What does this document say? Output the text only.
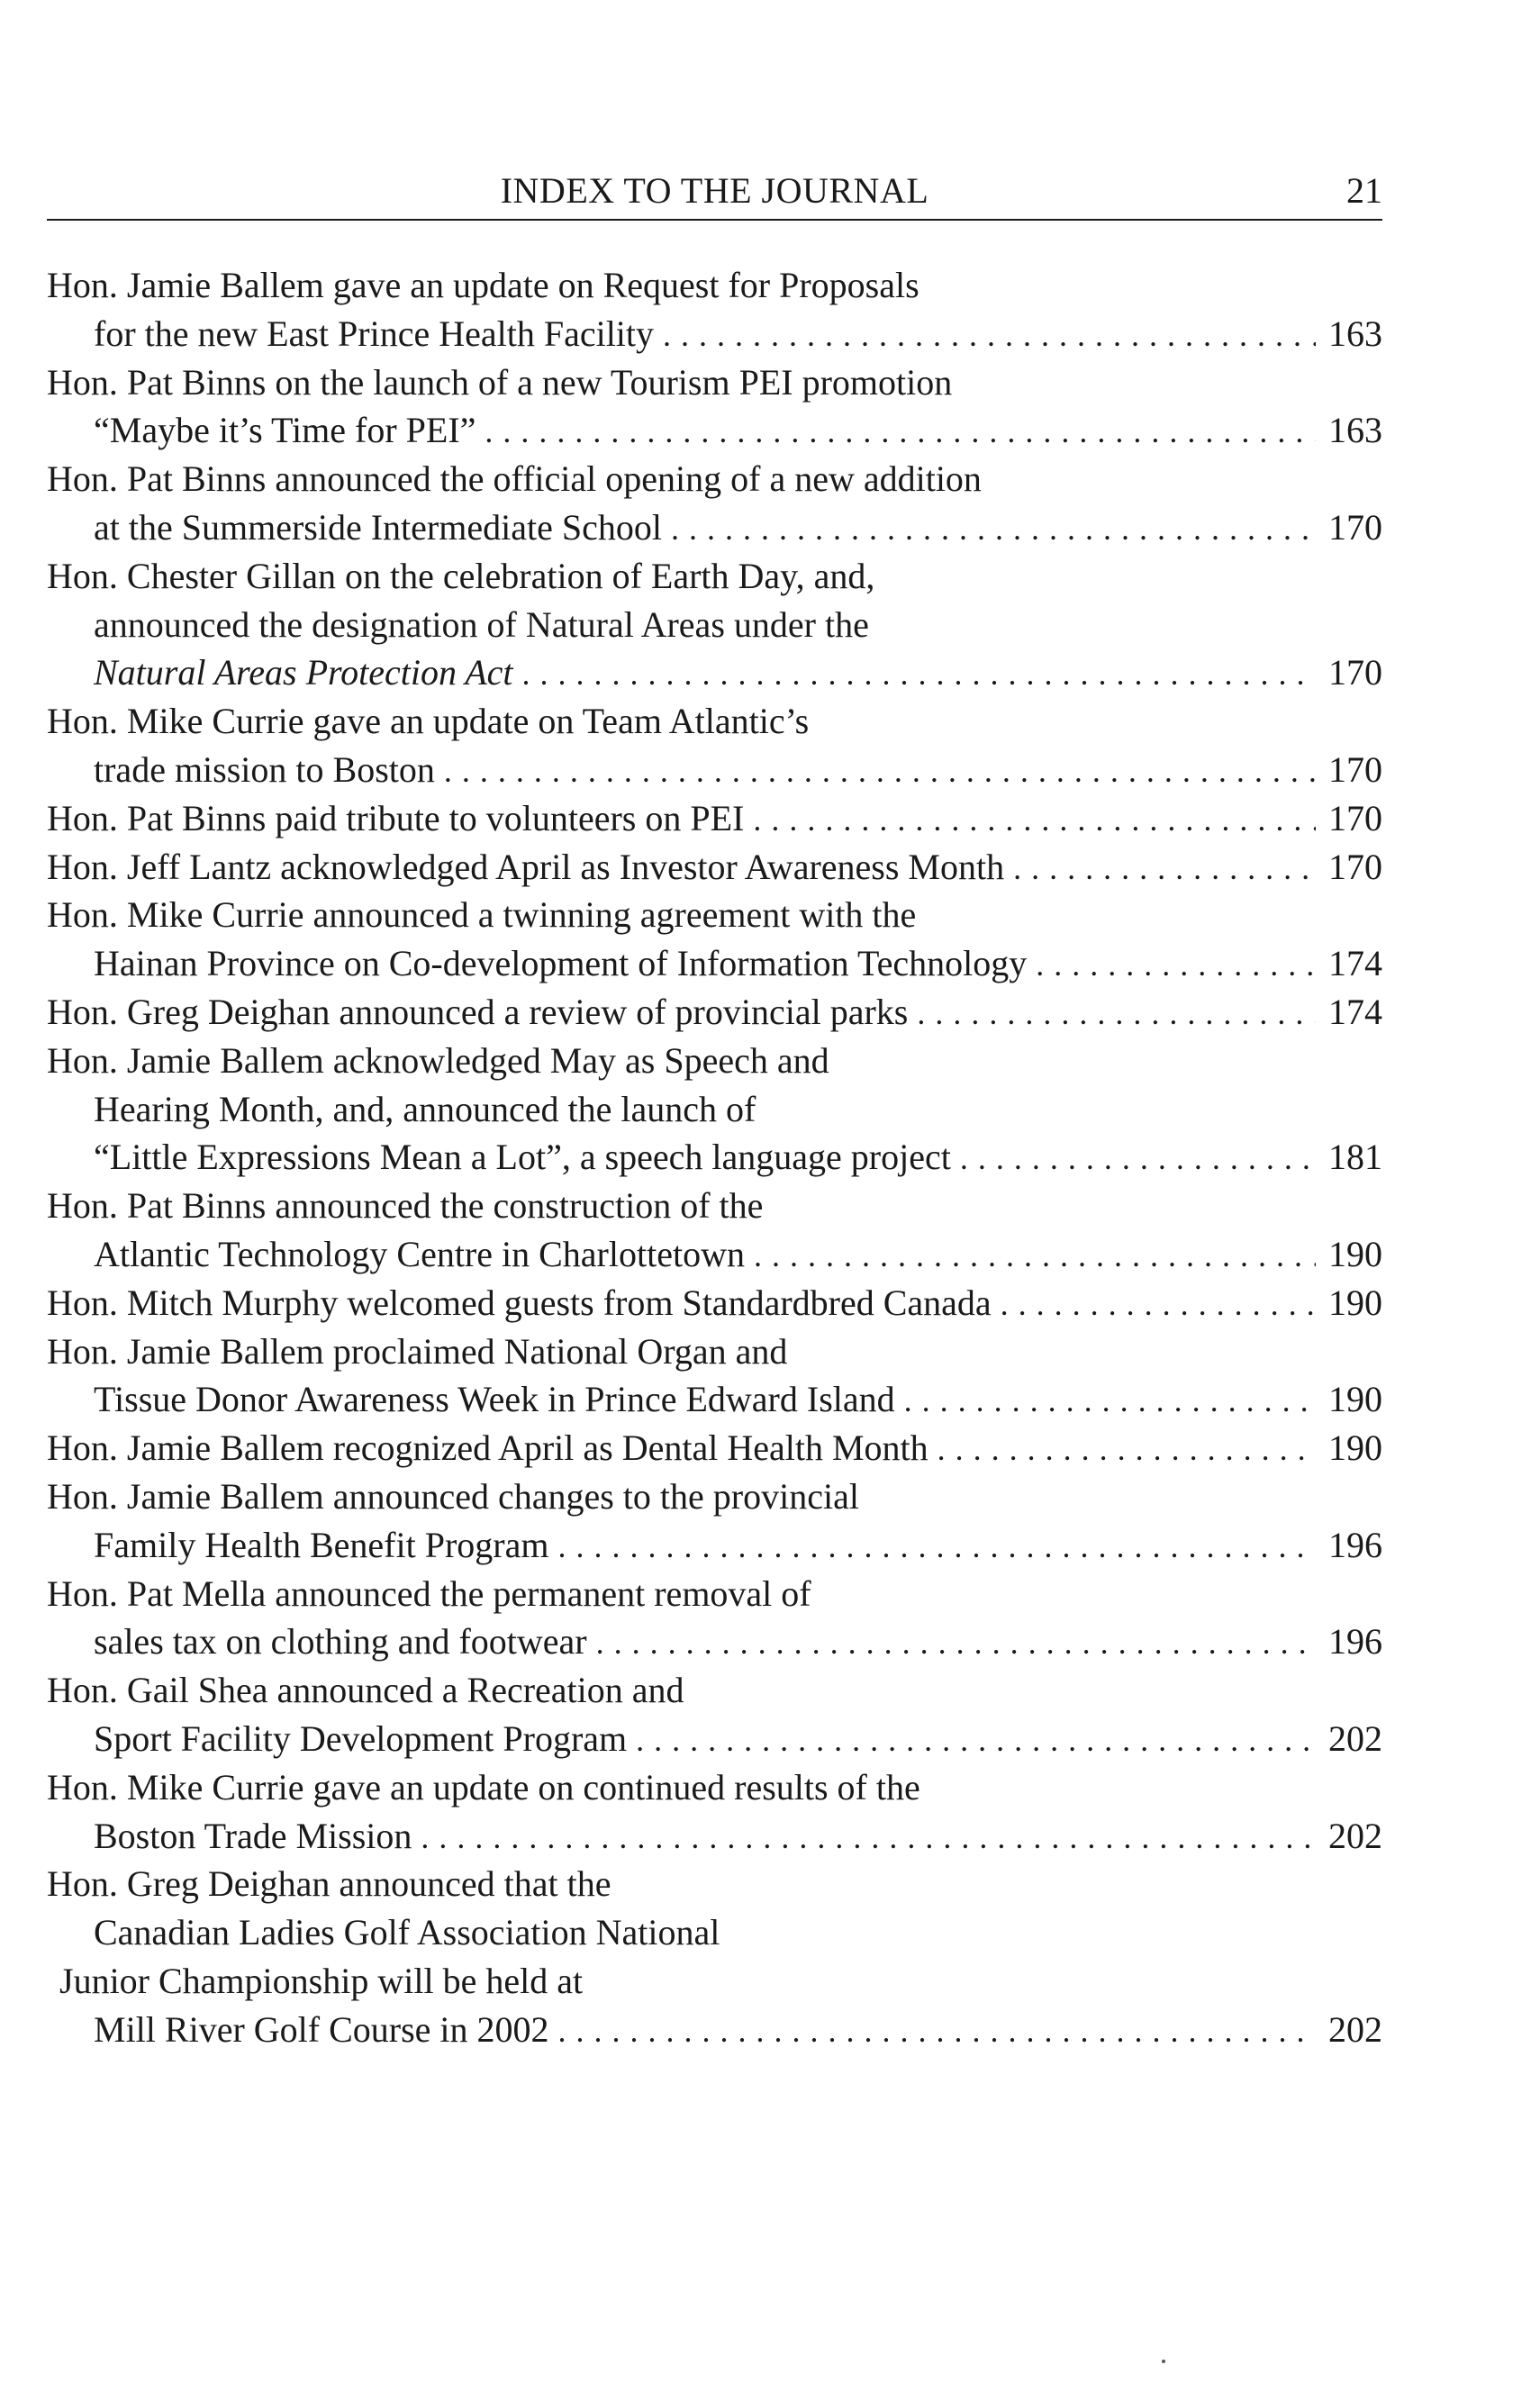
INDEX TO THE JOURNAL	21
Hon. Jamie Ballem gave an update on Request for Proposals
for the new East Prince Health Facility . . .	163
Hon. Pat Binns on the launch of a new Tourism PEI promotion
“Maybe it’s Time for PEI” . . .	163
Hon. Pat Binns announced the official opening of a new addition
at the Summerside Intermediate School . . .	170
Hon. Chester Gillan on the celebration of Earth Day, and,
announced the designation of Natural Areas under the
Natural Areas Protection Act . . .	170
Hon. Mike Currie gave an update on Team Atlantic’s
trade mission to Boston . . .	170
Hon. Pat Binns paid tribute to volunteers on PEI . . .	170
Hon. Jeff Lantz acknowledged April as Investor Awareness Month . . .	170
Hon. Mike Currie announced a twinning agreement with the
Hainan Province on Co-development of Information Technology . . .	174
Hon. Greg Deighan announced a review of provincial parks . . .	174
Hon. Jamie Ballem acknowledged May as Speech and
Hearing Month, and, announced the launch of
“Little Expressions Mean a Lot”, a speech language project . . .	181
Hon. Pat Binns announced the construction of the
Atlantic Technology Centre in Charlottetown . . .	190
Hon. Mitch Murphy welcomed guests from Standardbred Canada . . .	190
Hon. Jamie Ballem proclaimed National Organ and
Tissue Donor Awareness Week in Prince Edward Island . . .	190
Hon. Jamie Ballem recognized April as Dental Health Month . . .	190
Hon. Jamie Ballem announced changes to the provincial
Family Health Benefit Program . . .	196
Hon. Pat Mella announced the permanent removal of
sales tax on clothing and footwear . . .	196
Hon. Gail Shea announced a Recreation and
Sport Facility Development Program . . .	202
Hon. Mike Currie gave an update on continued results of the
Boston Trade Mission . . .	202
Hon. Greg Deighan announced that the
Canadian Ladies Golf Association National
Junior Championship will be held at
Mill River Golf Course in 2002 . . .	202
